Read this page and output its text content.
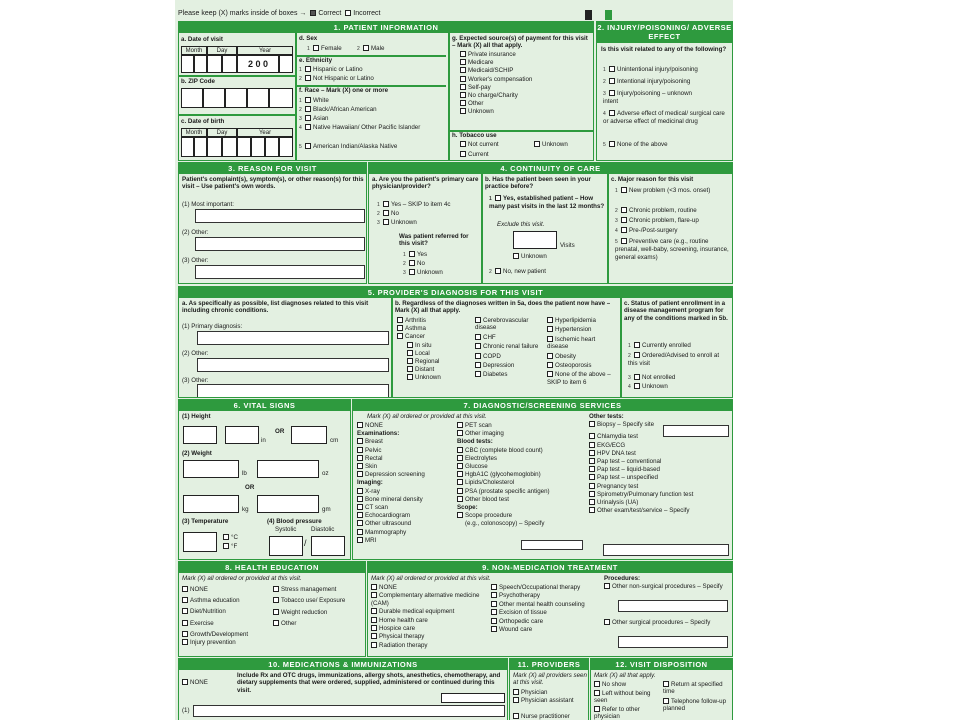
Please keep (X) marks inside of boxes → Correct Incorrect
1. PATIENT INFORMATION
a. Date of visit
Month	Day	Year
2 0 0
b. ZIP Code
c. Date of birth
Month	Day	Year
d. Sex
1 Female	2 Male
e. Ethnicity
1 Hispanic or Latino
2 Not Hispanic or Latino
f. Race – Mark (X) one or more
1 White
2 Black/African American
3 Asian
4 Native Hawaiian/ Other Pacific Islander
5 American Indian/Alaska Native
g. Expected source(s) of payment for this visit – Mark (X) all that apply.
Private insurance
Medicare
Medicaid/SCHIP
Worker's compensation
Self-pay
No charge/Charity
Other
Unknown
h. Tobacco use
Not current
Current
Unknown
2. INJURY/POISONING/ ADVERSE EFFECT
Is this visit related to any of the following?
1 Unintentional injury/poisoning
2 Intentional injury/poisoning
3 Injury/poisoning – unknown intent
4 Adverse effect of medical/ surgical care or adverse effect of medicinal drug
5 None of the above
3. REASON FOR VISIT
Patient's complaint(s), symptom(s), or other reason(s) for this visit – Use patient's own words.
(1) Most important:
(2) Other:
(3) Other:
4. CONTINUITY OF CARE
a. Are you the patient's primary care physician/provider?
1 Yes – SKIP to item 4c
2 No
3 Unknown
Was patient referred for this visit?
1 Yes
2 No
3 Unknown
b. Has the patient been seen in your practice before?
1 Yes, established patient – How many past visits in the last 12 months?
Exclude this visit.
Visits
Unknown
2 No, new patient
c. Major reason for this visit
1 New problem (<3 mos. onset)
2 Chronic problem, routine
3 Chronic problem, flare-up
4 Pre-/Post-surgery
5 Preventive care (e.g., routine prenatal, well-baby, screening, insurance, general exams)
5. PROVIDER'S DIAGNOSIS FOR THIS VISIT
a. As specifically as possible, list diagnoses related to this visit including chronic conditions.
(1) Primary diagnosis:
(2) Other:
(3) Other:
b. Regardless of the diagnoses written in 5a, does the patient now have – Mark (X) all that apply.
Arthritis
Asthma
Cancer
In situ
Local
Regional
Distant
Unknown
Cerebrovascular disease
CHF
Chronic renal failure
COPD
Depression
Diabetes
Hyperlipidemia
Hypertension
Ischemic heart disease
Obesity
Osteoporosis
None of the above – SKIP to item 6
c. Status of patient enrollment in a disease management program for any of the conditions marked in 5b.
1 Currently enrolled
2 Ordered/Advised to enroll at this visit
3 Not enrolled
4 Unknown
6. VITAL SIGNS
(1) Height
in
OR
cm
(2) Weight
lb	oz
OR
kg	gm
(3) Temperature	(4) Blood pressure
Systolic Diastolic
°C
°F	/
7. DIAGNOSTIC/SCREENING SERVICES
Mark (X) all ordered or provided at this visit.
NONE
Examinations:
Breast
Pelvic
Rectal
Skin
Depression screening
Imaging:
X-ray
Bone mineral density
CT scan
Echocardiogram
Other ultrasound
Mammography
MRI
PET scan
Other imaging
Blood tests:
CBC (complete blood count)
Electrolytes
Glucose
HgbA1C (glycohemoglobin)
Lipids/Cholesterol
PSA (prostate specific antigen)
Other blood test
Scope:
Scope procedure
(e.g., colonoscopy) – Specify
Other tests:
Biopsy – Specify site
Chlamydia test
EKG/ECG
HPV DNA test
Pap test – conventional
Pap test – liquid-based
Pap test – unspecified
Pregnancy test
Spirometry/Pulmonary function test
Urinalysis (UA)
Other exam/test/service – Specify
8. HEALTH EDUCATION
Mark (X) all ordered or provided at this visit.
NONE
Asthma education
Diet/Nutrition
Exercise
Growth/Development
Injury prevention
Stress management
Tobacco use/ Exposure
Weight reduction
Other
9. NON-MEDICATION TREATMENT
Mark (X) all ordered or provided at this visit.
NONE
Complementary alternative medicine (CAM)
Durable medical equipment
Home health care
Hospice care
Physical therapy
Radiation therapy
Speech/Occupational therapy
Psychotherapy
Other mental health counseling
Excision of tissue
Orthopedic care
Wound care
Procedures:
Other non-surgical procedures – Specify
Other surgical procedures – Specify
10. MEDICATIONS & IMMUNIZATIONS
NONE
Include Rx and OTC drugs, immunizations, allergy shots, anesthetics, chemotherapy, and dietary supplements that were ordered, supplied, administered or continued during this visit.
(1)
11. PROVIDERS
Mark (X) all providers seen at this visit.
Physician
Physician assistant
Nurse practitioner
12. VISIT DISPOSITION
Mark (X) all that apply.
No show
Left without being seen
Refer to other physician
Return at specified time
Telephone follow-up planned
